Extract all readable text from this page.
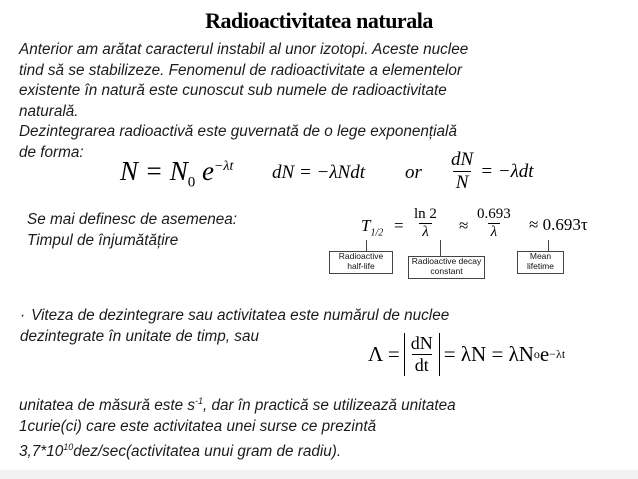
Radioactivitatea naturala
Anterior am arătat caracterul instabil al unor izotopi. Aceste nuclee
tind să se stabilizeze. Fenomenul de radioactivitate a elementelor
existente în natură este cunoscut sub numele de radioactivitate
naturală.
Dezintegrarea radioactivă este guvernată de o lege exponențială
de forma:
$N = N_0$ $e^{-\lambda t}$ dN = −λNdt or $\frac{dN}{N} = -\lambda dt$
Se mai definesc de asemenea:
Timpul de înjumătățire
$T_{1/2} = \frac{\ln 2}{\lambda} \approx \frac{0.693}{\lambda} \approx 0.693\tau$
Radioactive half-life	Radioactive decay constant
Mean lifetime
· Viteza de dezintegrare sau activitatea este numărul de nuclee
dezintegrate în unitate de timp, sau
$\Lambda = \frac{dN}{dt} = \lambda N = \lambda N$ o e −λt
unitatea de măsură este $s^{-1}$, dar în practică se utilizează unitatea
1curie(ci) care este activitatea unei surse ce prezintă
$3,7*10^{10}dez/\sec(activitatea$ unui gram de radiu).
